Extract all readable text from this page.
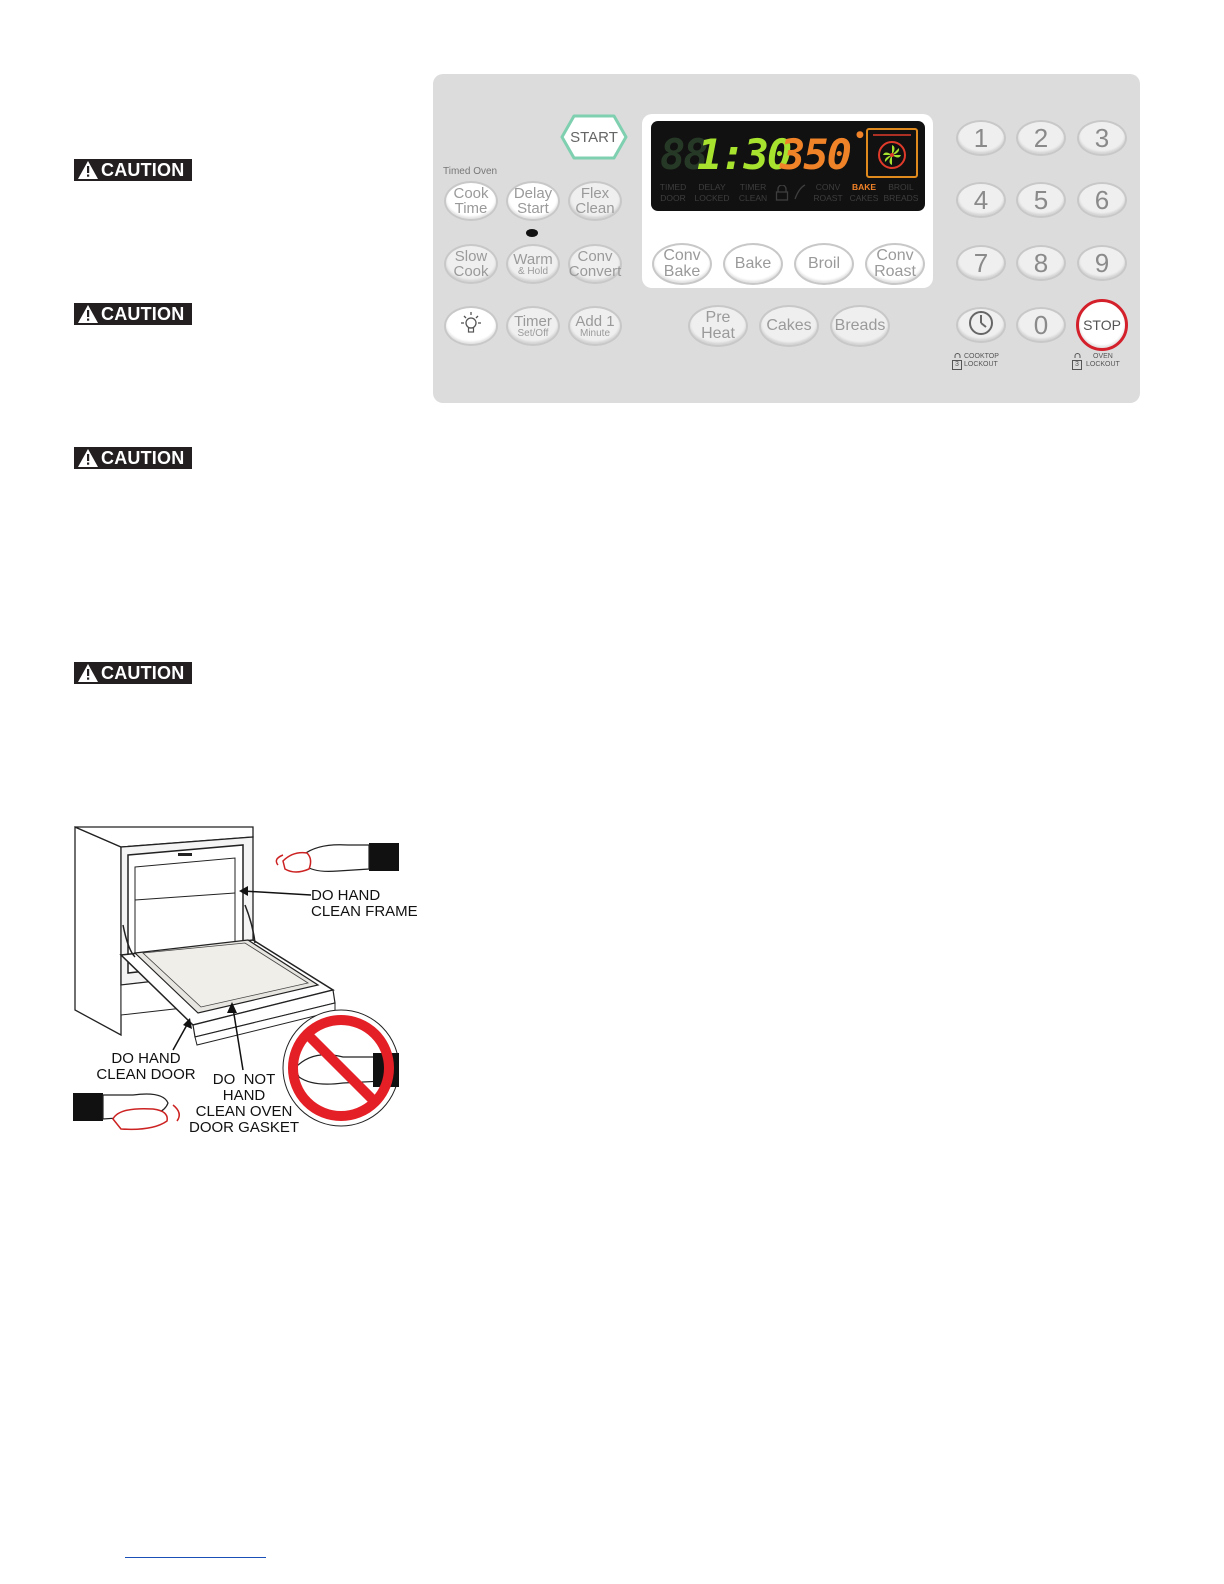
CAUTION
CAUTION
CAUTION
CAUTION
Timed Oven
START
Cook
Time
Delay
Start
Flex
Clean
Slow
Cook
Warm
& Hold
Conv
Convert
Timer
Set/Off
Add 1
Minute
88
1:30
350 ●
TIMED
DOOR
DELAY
LOCKED
TIMER
CLEAN
CONV
ROAST
BAKE
CAKES
BROIL
BREADS
Conv
Bake Bake Broil Conv
Roast
Pre
Heat Cakes Breads
1 2 3
4 5 6
7 8 9
0 STOP
3
COOKTOP
LOCKOUT	3
OVEN
LOCKOUT
DO HAND
CLEAN FRAME
DO HAND
CLEAN DOOR	DO  NOT
HAND
CLEAN OVEN
DOOR GASKET
